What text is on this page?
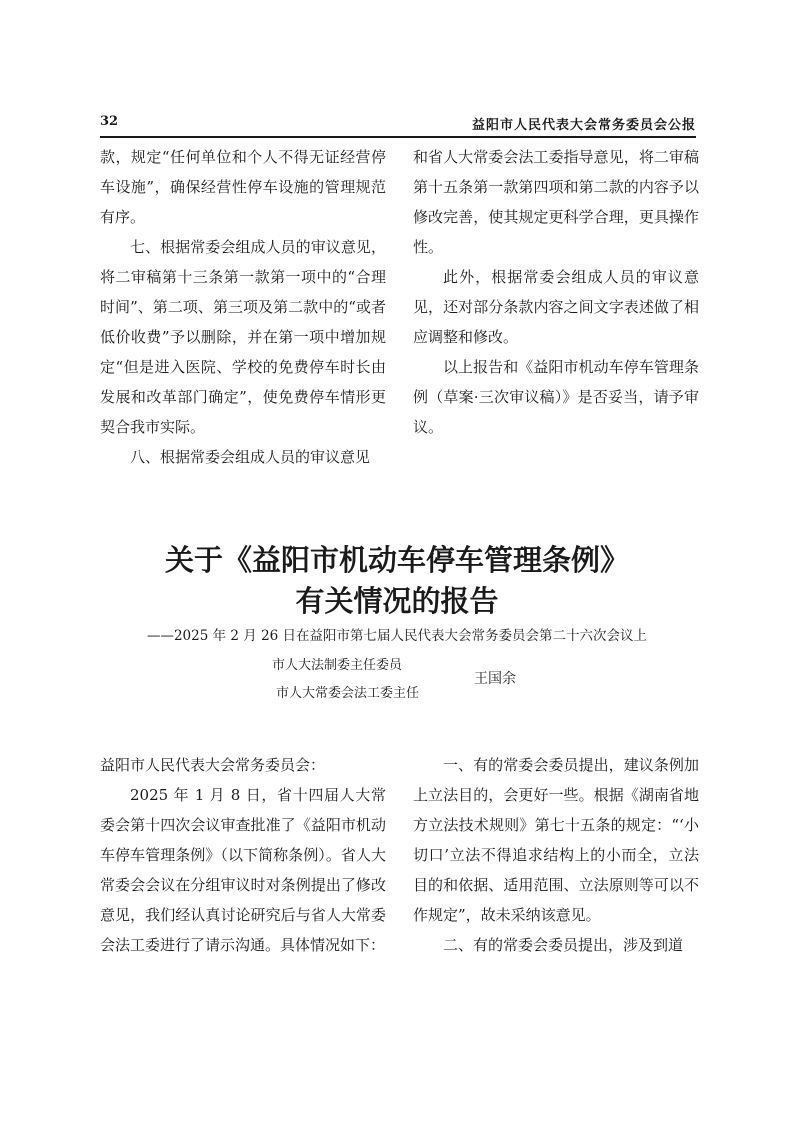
32	益阳市人民代表大会常务委员会公报

款，规定“任何单位和个人不得无证经营停车设施”，确保经营性停车设施的管理规范有序。

七、根据常委会组成人员的审议意见，将二审稿第十三条第一款第一项中的“合理时间”、第二项、第三项及第二款中的“或者低价收费”予以删除，并在第一项中增加规定“但是进入医院、学校的免费停车时长由发展和改革部门确定”，使免费停车情形更契合我市实际。

八、根据常委会组成人员的审议意见

和省人大常委会法工委指导意见，将二审稿第十五条第一款第四项和第二款的内容予以修改完善，使其规定更科学合理，更具操作性。

此外，根据常委会组成人员的审议意见，还对部分条款内容之间文字表述做了相应调整和修改。

以上报告和《益阳市机动车停车管理条例（草案·三次审议稿）》是否妥当，请予审议。

关于《益阳市机动车停车管理条例》
有关情况的报告
——2025 年 2 月 26 日在益阳市第七届人民代表大会常务委员会第二十六次会议上
市人大法制委主任委员
市人大常委会法工委主任
王国余

益阳市人民代表大会常务委员会：

2025 年 1 月 8 日，省十四届人大常委会第十四次会议审查批准了《益阳市机动车停车管理条例》（以下简称条例）。省人大常委会会议在分组审议时对条例提出了修改意见，我们经认真讨论研究后与省人大常委会法工委进行了请示沟通。具体情况如下：

一、有的常委会委员提出，建议条例加上立法目的，会更好一些。根据《湖南省地方立法技术规则》第七十五条的规定：“‘小切口’立法不得追求结构上的小而全，立法目的和依据、适用范围、立法原则等可以不作规定”，故未采纳该意见。

二、有的常委会委员提出，涉及到道
